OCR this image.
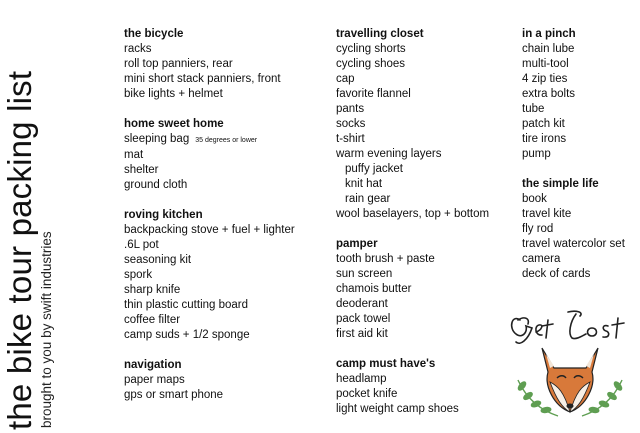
the bike tour packing list brought to you by swift industries
the bicycle
racks
roll top panniers, rear
mini short stack panniers, front
bike lights + helmet
home sweet home
sleeping bag 35 degrees or lower
mat
shelter
ground cloth
roving kitchen
backpacking stove + fuel + lighter
.6L pot
seasoning kit
spork
sharp knife
thin plastic cutting board
coffee filter
camp suds + 1/2 sponge
navigation
paper maps
gps or smart phone
travelling closet
cycling shorts
cycling shoes
cap
favorite flannel
pants
socks
t-shirt
warm evening layers
puffy jacket
knit hat
rain gear
wool baselayers, top + bottom
pamper
tooth brush + paste
sun screen
chamois butter
deoderant
pack towel
first aid kit
camp must have's
headlamp
pocket knife
light weight camp shoes
in a pinch
chain lube
multi-tool
4 zip ties
extra bolts
tube
patch kit
tire irons
pump
the simple life
book
travel kite
fly rod
travel watercolor set
camera
deck of cards
